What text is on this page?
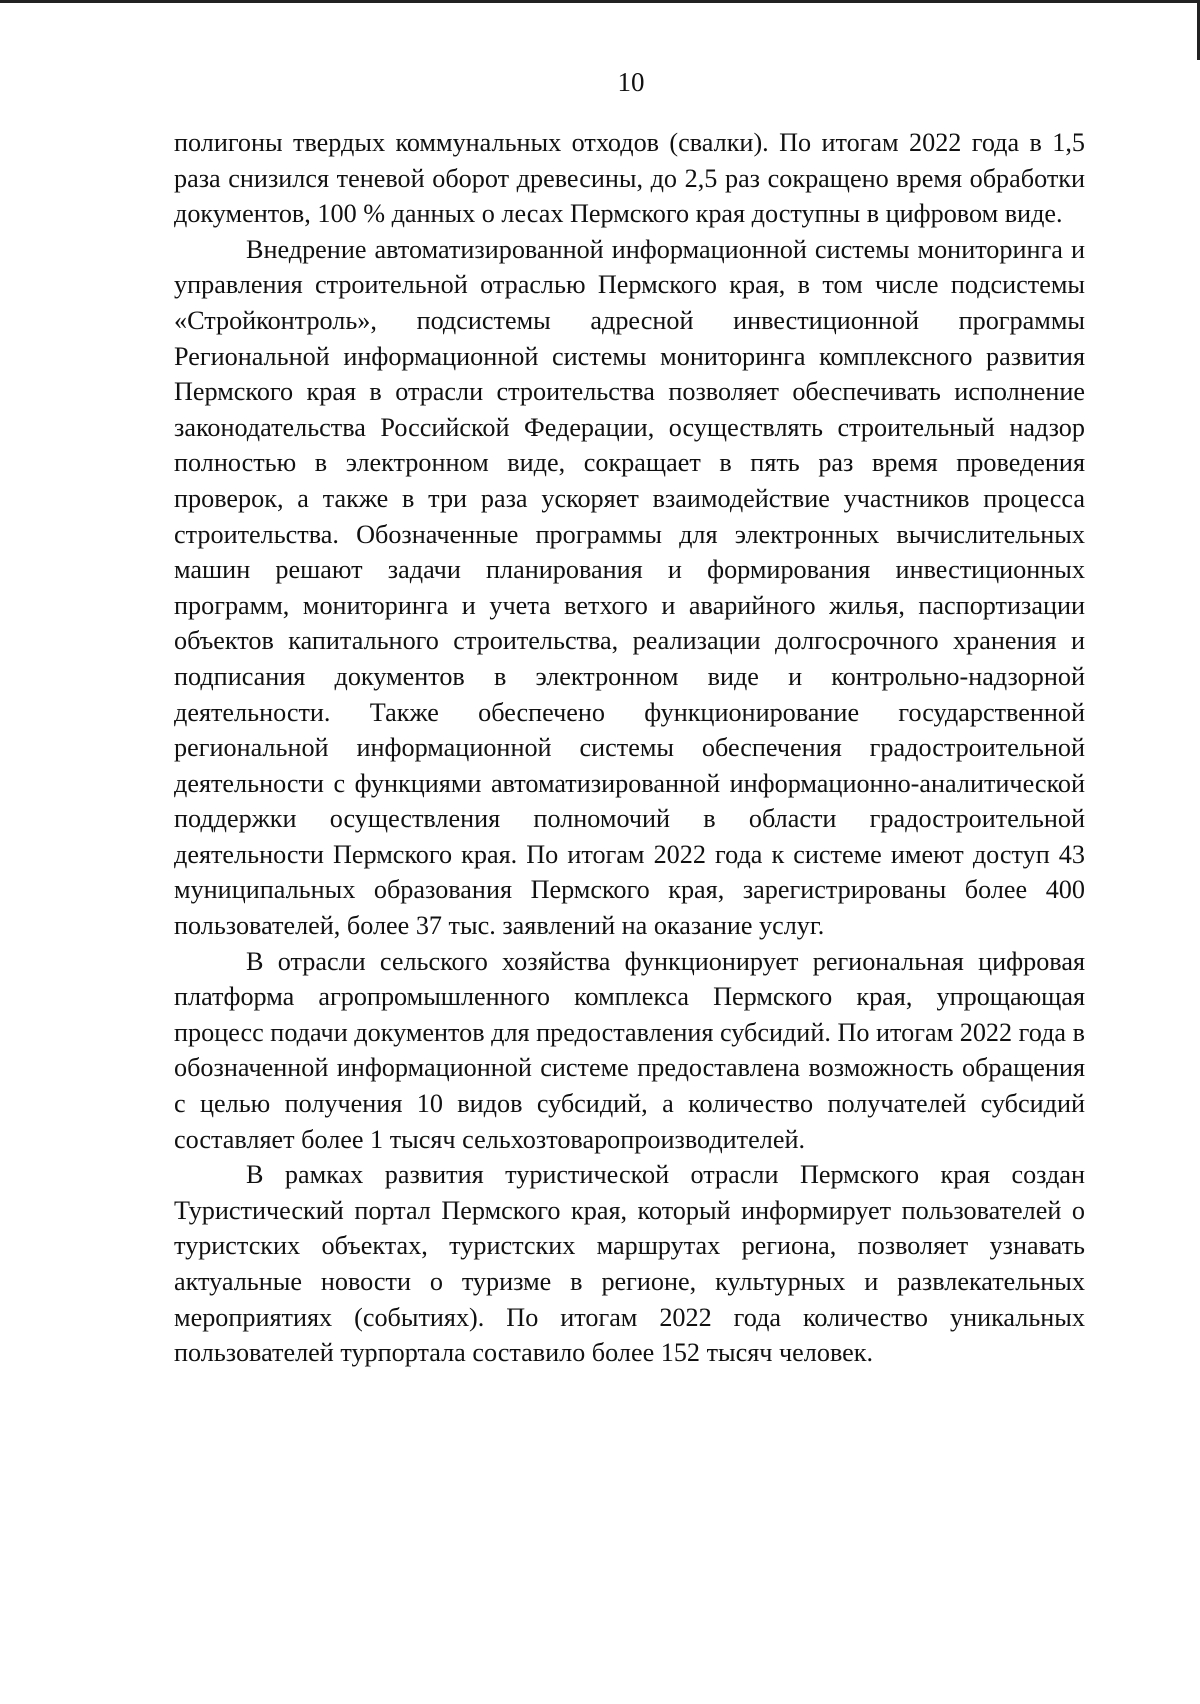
10

полигоны твердых коммунальных отходов (свалки). По итогам 2022 года в 1,5 раза снизился теневой оборот древесины, до 2,5 раз сокращено время обработки документов, 100 % данных о лесах Пермского края доступны в цифровом виде.

Внедрение автоматизированной информационной системы мониторинга и управления строительной отраслью Пермского края, в том числе подсистемы «Стройконтроль», подсистемы адресной инвестиционной программы Региональной информационной системы мониторинга комплексного развития Пермского края в отрасли строительства позволяет обеспечивать исполнение законодательства Российской Федерации, осуществлять строительный надзор полностью в электронном виде, сокращает в пять раз время проведения проверок, а также в три раза ускоряет взаимодействие участников процесса строительства. Обозначенные программы для электронных вычислительных машин решают задачи планирования и формирования инвестиционных программ, мониторинга и учета ветхого и аварийного жилья, паспортизации объектов капитального строительства, реализации долгосрочного хранения и подписания документов в электронном виде и контрольно-надзорной деятельности. Также обеспечено функционирование государственной региональной информационной системы обеспечения градостроительной деятельности с функциями автоматизированной информационно-аналитической поддержки осуществления полномочий в области градостроительной деятельности Пермского края. По итогам 2022 года к системе имеют доступ 43 муниципальных образования Пермского края, зарегистрированы более 400 пользователей, более 37 тыс. заявлений на оказание услуг.

В отрасли сельского хозяйства функционирует региональная цифровая платформа агропромышленного комплекса Пермского края, упрощающая процесс подачи документов для предоставления субсидий. По итогам 2022 года в обозначенной информационной системе предоставлена возможность обращения с целью получения 10 видов субсидий, а количество получателей субсидий составляет более 1 тысяч сельхозтоваропроизводителей.

В рамках развития туристической отрасли Пермского края создан Туристический портал Пермского края, который информирует пользователей о туристских объектах, туристских маршрутах региона, позволяет узнавать актуальные новости о туризме в регионе, культурных и развлекательных мероприятиях (событиях). По итогам 2022 года количество уникальных пользователей турпортала составило более 152 тысяч человек.
